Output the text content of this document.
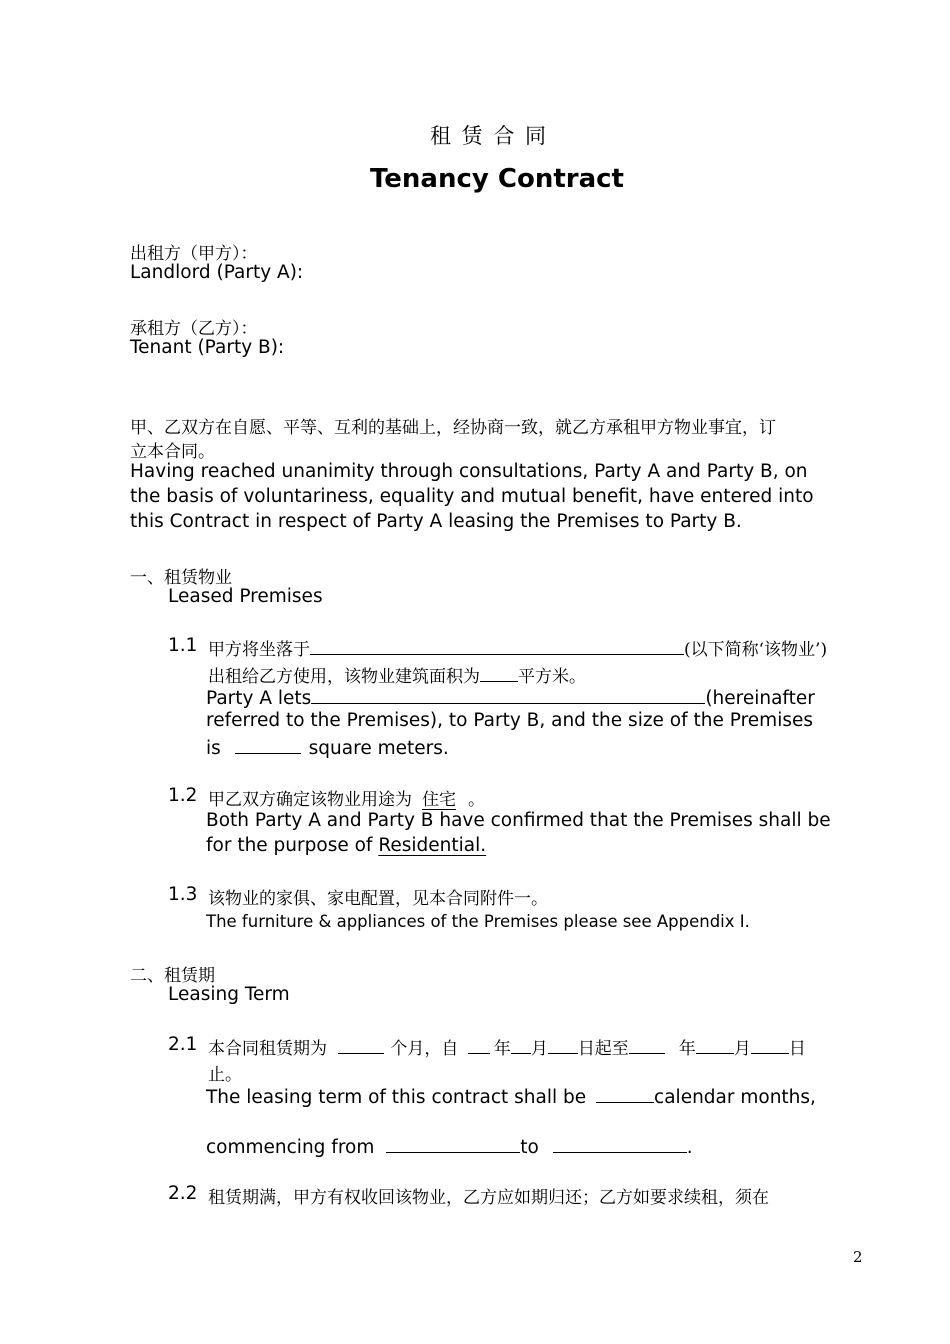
租 赁 合 同
Tenancy Contract
出租方（甲方）：
Landlord (Party A):
承租方（乙方）：
Tenant (Party B):
甲、乙双方在自愿、平等、互利的基础上，经协商一致，就乙方承租甲方物业事宜，订
立本合同。
Having reached unanimity through consultations, Party A and Party B, on
the basis of voluntariness, equality and mutual benefit, have entered into
this Contract in respect of Party A leasing the Premises to Party B.
一、租赁物业
Leased Premises
1.1 甲方将坐落于	(以下简称‘该物业’)
出租给乙方使用，该物业建筑面积为 平方米。
Party A lets	(hereinafter
referred to the Premises), to Party B, and the size of the Premises
is	square meters.
1.2 甲乙双方确定该物业用途为 住宅 。
Both Party A and Party B have confirmed that the Premises shall be
for the purpose of Residential.
1.3 该物业的家俱、家电配置，见本合同附件一。
The furniture & appliances of the Premises please see Appendix I.
二、租赁期
Leasing Term
2.1 本合同租赁期为	个月，自 年 月 日起至	年 月 日
止。
The leasing term of this contract shall be	calendar months,
commencing from	to	.
2.2 租赁期满，甲方有权收回该物业，乙方应如期归还；乙方如要求续租，须在
2
